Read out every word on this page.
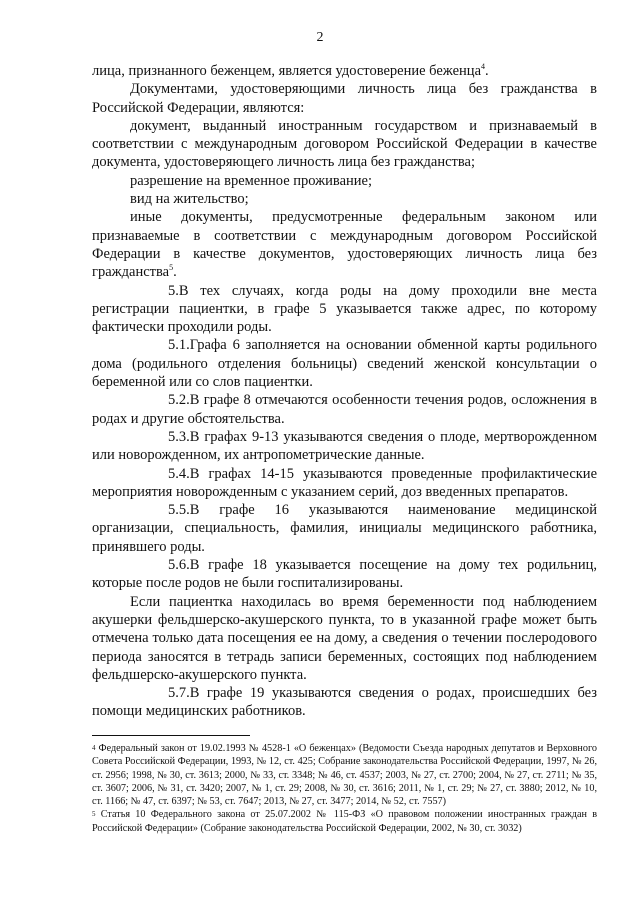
2

лица, признанного беженцем, является удостоверение беженца$^4$.

Документами, удостоверяющими личность лица без гражданства в Российской Федерации, являются:

документ, выданный иностранным государством и признаваемый в соответствии с международным договором Российской Федерации в качестве документа, удостоверяющего личность лица без гражданства;

разрешение на временное проживание;

вид на жительство;

иные документы, предусмотренные федеральным законом или признаваемые в соответствии с международным договором Российской Федерации в качестве документов, удостоверяющих личность лица без гражданства$^5$.

5.В тех случаях, когда роды на дому проходили вне места регистрации пациентки, в графе 5 указывается также адрес, по которому фактически проходили роды.

5.1.Графа 6 заполняется на основании обменной карты родильного дома (родильного отделения больницы) сведений женской консультации о беременной или со слов пациентки.

5.2.В графе 8 отмечаются особенности течения родов, осложнения в родах и другие обстоятельства.

5.3.В графах 9-13 указываются сведения о плоде, мертворожденном или новорожденном, их антропометрические данные.

5.4.В графах 14-15 указываются проведенные профилактические мероприятия новорожденным с указанием серий, доз введенных препаратов.

5.5.В графе 16 указываются наименование медицинской организации, специальность, фамилия, инициалы медицинского работника, принявшего роды.

5.6.В графе 18 указывается посещение на дому тех родильниц, которые после родов не были госпитализированы.

Если пациентка находилась во время беременности под наблюдением акушерки фельдшерско-акушерского пункта, то в указанной графе может быть отмечена только дата посещения ее на дому, а сведения о течении послеродового периода заносятся в тетрадь записи беременных, состоящих под наблюдением фельдшерско-акушерского пункта.

5.7.В графе 19 указываются сведения о родах, происшедших без помощи медицинских работников.

$^4$ Федеральный закон от 19.02.1993 № 4528-1 «О беженцах» (Ведомости Съезда народных депутатов и Верховного Совета Российской Федерации, 1993, № 12, ст. 425; Собрание законодательства Российской Федерации, 1997, № 26, ст. 2956; 1998, № 30, ст. 3613; 2000, № 33, ст. 3348; № 46, ст. 4537; 2003, № 27, ст. 2700; 2004, № 27, ст. 2711; № 35, ст. 3607; 2006, № 31, ст. 3420; 2007, № 1, ст. 29; 2008, № 30, ст. 3616; 2011, № 1, ст. 29; № 27, ст. 3880; 2012, № 10, ст. 1166; № 47, ст. 6397; № 53, ст. 7647; 2013, № 27, ст. 3477; 2014, № 52, ст. 7557)

$^5$ Статья 10 Федерального закона от 25.07.2002 № 115-ФЗ «О правовом положении иностранных граждан в Российской Федерации» (Собрание законодательства Российской Федерации, 2002, № 30, ст. 3032)
